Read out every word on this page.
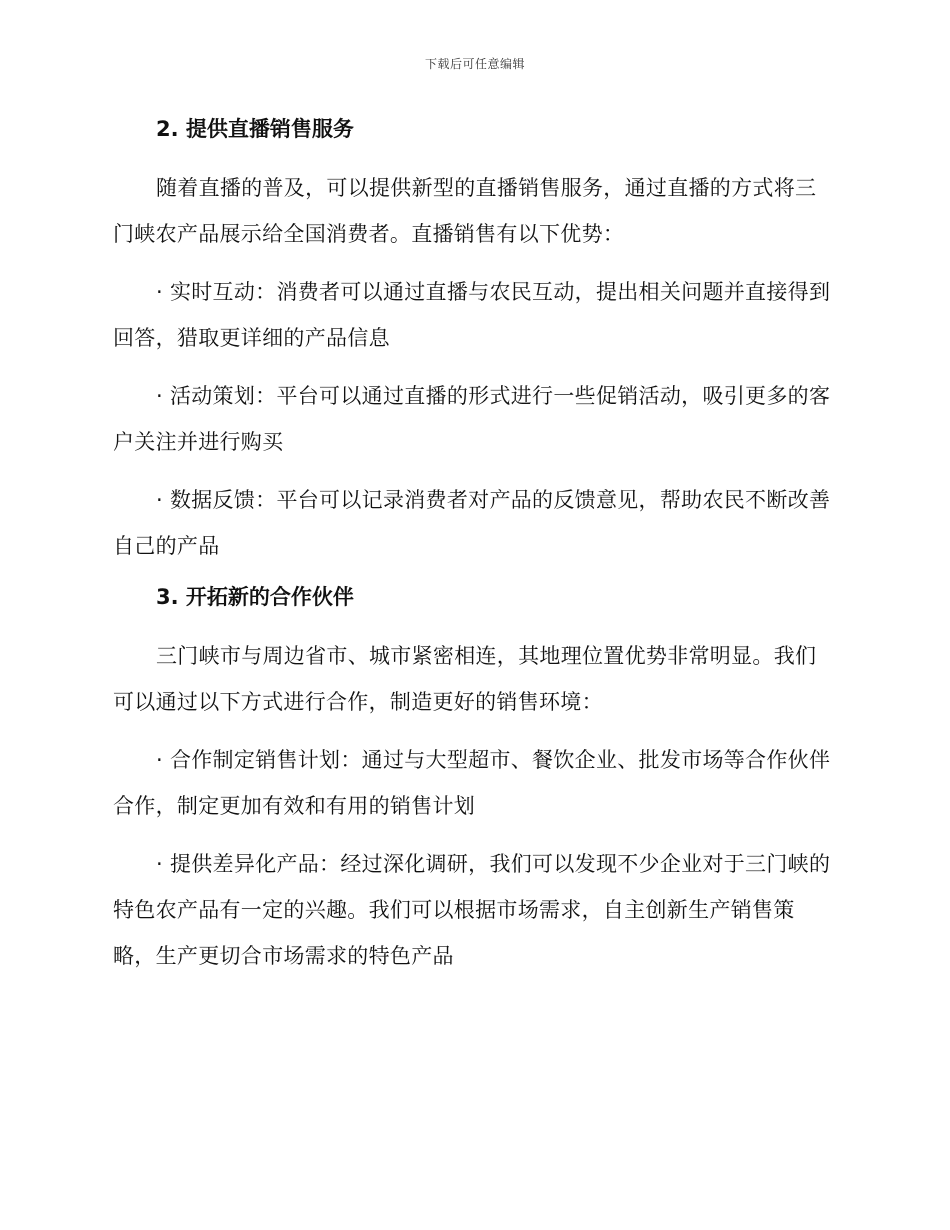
下载后可任意编辑
2. 提供直播销售服务

随着直播的普及，可以提供新型的直播销售服务，通过直播的方式将三门峡农产品展示给全国消费者。直播销售有以下优势：

· 实时互动：消费者可以通过直播与农民互动，提出相关问题并直接得到回答，猎取更详细的产品信息

· 活动策划：平台可以通过直播的形式进行一些促销活动，吸引更多的客户关注并进行购买

· 数据反馈：平台可以记录消费者对产品的反馈意见，帮助农民不断改善自己的产品

3. 开拓新的合作伙伴

三门峡市与周边省市、城市紧密相连，其地理位置优势非常明显。我们可以通过以下方式进行合作，制造更好的销售环境：

· 合作制定销售计划：通过与大型超市、餐饮企业、批发市场等合作伙伴合作，制定更加有效和有用的销售计划

· 提供差异化产品：经过深化调研，我们可以发现不少企业对于三门峡的特色农产品有一定的兴趣。我们可以根据市场需求，自主创新生产销售策略，生产更切合市场需求的特色产品
